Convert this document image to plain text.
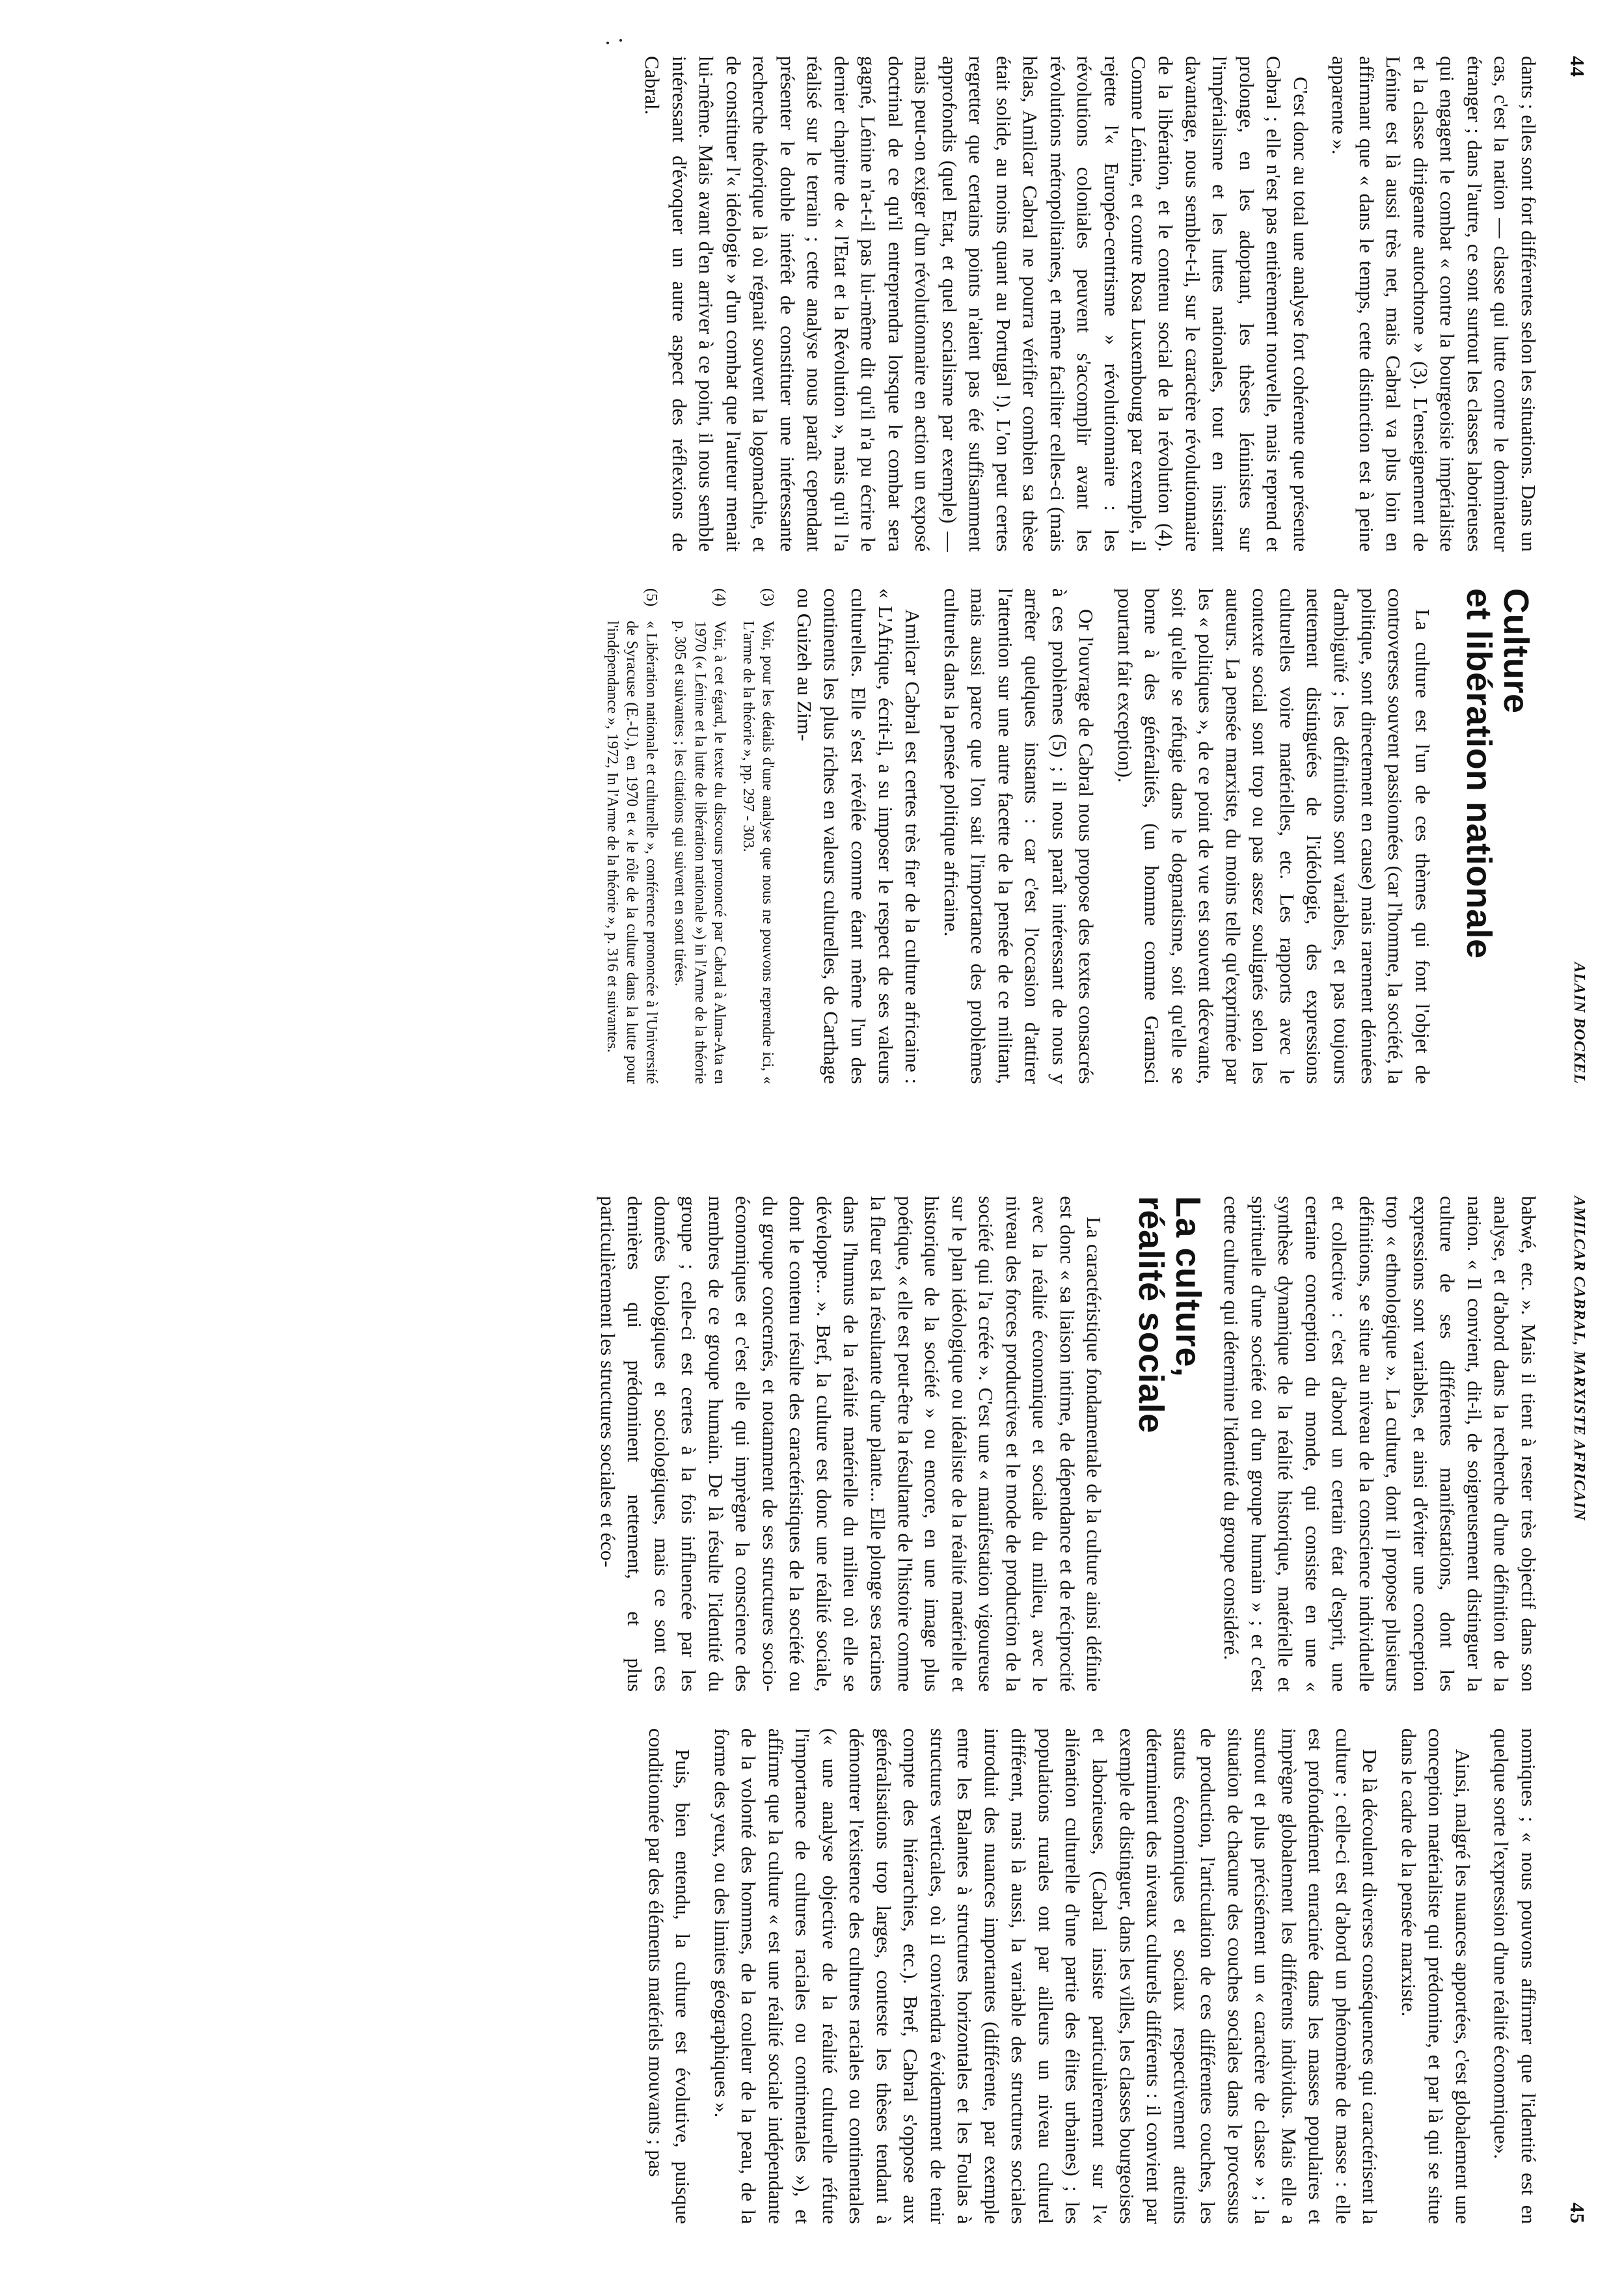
44
ALAIN BOCKEL

dants ; elles sont fort différentes selon les situations. Dans un cas, c'est la nation — classe qui lutte contre le dominateur étranger ; dans l'autre, ce sont surtout les classes laborieuses qui engagent le combat « contre la bourgeoisie impérialiste et la classe dirigeante autochtone » (3). L'enseignement de Lénine est là aussi très net, mais Cabral va plus loin en affirmant que « dans le temps, cette distinction est à peine apparente ».

C'est donc au total une analyse fort cohérente que présente Cabral ; elle n'est pas entièrement nouvelle, mais reprend et prolonge, en les adoptant, les thèses léninistes sur l'impérialisme et les luttes nationales, tout en insistant davantage, nous semble-t-il, sur le caractère révolutionnaire de la libération, et le contenu social de la révolution (4). Comme Lénine, et contre Rosa Luxembourg par exemple, il rejette l'« Européo-centrisme » révolutionnaire : les révolutions coloniales peuvent s'accomplir avant les révolutions métropolitaines, et même faciliter celles-ci (mais hélas, Amilcar Cabral ne pourra vérifier combien sa thèse était solide, au moins quant au Portugal !). L'on peut certes regretter que certains points n'aient pas été suffisamment approfondis (quel Etat, et quel socialisme par exemple) — mais peut-on exiger d'un révolutionnaire en action un exposé doctrinal de ce qu'il entreprendra lorsque le combat sera gagné, Lénine n'a-t-il pas lui-même dit qu'il n'a pu écrire le dernier chapitre de « l'Etat et la Révolution », mais qu'il l'a réalisé sur le terrain ; cette analyse nous paraît cependant présenter le double intérêt de constituer une intéressante recherche théorique là où régnait souvent la logomachie, et de constituer l'« idéologie » d'un combat que l'auteur menait lui-même. Mais avant d'en arriver à ce point, il nous semble intéressant d'évoquer un autre aspect des réflexions de Cabral.

Culture
et libération nationale

La culture est l'un de ces thèmes qui font l'objet de controverses souvent passionnées (car l'homme, la société, la politique, sont directement en cause) mais rarement dénuées d'ambiguïté ; les définitions sont variables, et pas toujours nettement distinguées de l'idéologie, des expressions culturelles voire matérielles, etc. Les rapports avec le contexte social sont trop ou pas assez soulignés selon les auteurs. La pensée marxiste, du moins telle qu'exprimée par les « politiques », de ce point de vue est souvent décevante, soit qu'elle se réfugie dans le dogmatisme, soit qu'elle se borne à des généralités, (un homme comme Gramsci pourtant fait exception).

Or l'ouvrage de Cabral nous propose des textes consacrés à ces problèmes (5) ; il nous paraît intéressant de nous y arrêter quelques instants : car c'est l'occasion d'attirer l'attention sur une autre facette de la pensée de ce militant, mais aussi parce que l'on sait l'importance des problèmes culturels dans la pensée politique africaine.

Amilcar Cabral est certes très fier de la culture africaine : « L'Afrique, écrit-il, a su imposer le respect de ses valeurs culturelles. Elle s'est révélée comme étant même l'un des continents les plus riches en valeurs culturelles, de Carthage ou Guizeh au Zim-

(3)
Voir, pour les détails d'une analyse que nous ne pouvons reprendre ici, « L'arme de la théorie », pp. 297 - 303.
(4)
Voir, à cet égard, le texte du discours prononcé par Cabral à Alma-Ata en 1970 (« Lénine et la lutte de libération nationale ») in l'Arme de la théorie p. 305 et suivantes ; les citations qui suivent en sont tirées.
(5)
« Libération nationale et culturelle », conférence prononcée à l'Université de Syracuse (E.-U.), en 1970 et « le rôle de la culture dans la lutte pour l'indépendance », 1972, In l'Arme de la théorie », p. 316 et suivantes.
AMILCAR CABRAL, MARXISTE AFRICAIN
45

babwé, etc. ». Mais il tient à rester très objectif dans son analyse, et d'abord dans la recherche d'une définition de la nation. « Il convient, dit-il, de soigneusement distinguer la culture de ses différentes manifestations, dont les expressions sont variables, et ainsi d'éviter une conception trop « ethnologique ». La culture, dont il propose plusieurs définitions, se situe au niveau de la conscience individuelle et collective : c'est d'abord un certain état d'esprit, une certaine conception du monde, qui consiste en une « synthèse dynamique de la réalité historique, matérielle et spirituelle d'une société ou d'un groupe humain » ; et c'est cette culture qui détermine l'identité du groupe considéré.

La culture,
réalité sociale

La caractéristique fondamentale de la culture ainsi définie est donc « sa liaison intime, de dépendance et de réciprocité avec la réalité économique et sociale du milieu, avec le niveau des forces productives et le mode de production de la société qui l'a créée ». C'est une « manifestation vigoureuse sur le plan idéologique ou idéaliste de la réalité matérielle et historique de la société » ou encore, en une image plus poétique, « elle est peut-être la résultante de l'histoire comme la fleur est la résultante d'une plante... Elle plonge ses racines dans l'humus de la réalité matérielle du milieu où elle se développe... ». Bref, la culture est donc une réalité sociale, dont le contenu résulte des caractéristiques de la société ou du groupe concernés, et notamment de ses structures socio-économiques et c'est elle qui imprègne la conscience des membres de ce groupe humain. De là résulte l'identité du groupe ; celle-ci est certes à la fois influencée par les données biologiques et sociologiques, mais ce sont ces dernières qui prédominent nettement, et plus particulièrement les structures sociales et éco-

nomiques ; « nous pouvons affirmer que l'identité est en quelque sorte l'expression d'une réalité économique».

Ainsi, malgré les nuances apportées, c'est globalement une conception matérialiste qui prédomine, et par là qui se situe dans le cadre de la pensée marxiste.

De là découlent diverses conséquences qui caractérisent la culture ; celle-ci est d'abord un phénomène de masse : elle est profondément enracinée dans les masses populaires et imprègne globalement les différents individus. Mais elle a surtout et plus précisément un « caractère de classe » ; la situation de chacune des couches sociales dans le processus de production, l'articulation de ces différentes couches, les statuts économiques et sociaux respectivement atteints déterminent des niveaux culturels différents : il convient par exemple de distinguer, dans les villes, les classes bourgeoises et laborieuses, (Cabral insiste particulièrement sur l'« aliénation culturelle d'une partie des élites urbaines) ; les populations rurales ont par ailleurs un niveau culturel différent, mais là aussi, la variable des structures sociales introduit des nuances importantes (différente, par exemple entre les Balantes à structures horizontales et les Foulas à structures verticales, où il conviendra évidemment de tenir compte des hiérarchies, etc.). Bref, Cabral s'oppose aux généralisations trop larges, conteste les thèses tendant à démontrer l'existence des cultures raciales ou continentales (« une analyse objective de la réalité culturelle réfute l'importance de cultures raciales ou continentales »), et affirme que la culture « est une réalité sociale indépendante de la volonté des hommes, de la couleur de la peau, de la forme des yeux, ou des limites géographiques ».

Puis, bien entendu, la culture est évolutive, puisque conditionnée par des éléments matériels mouvants ; pas
